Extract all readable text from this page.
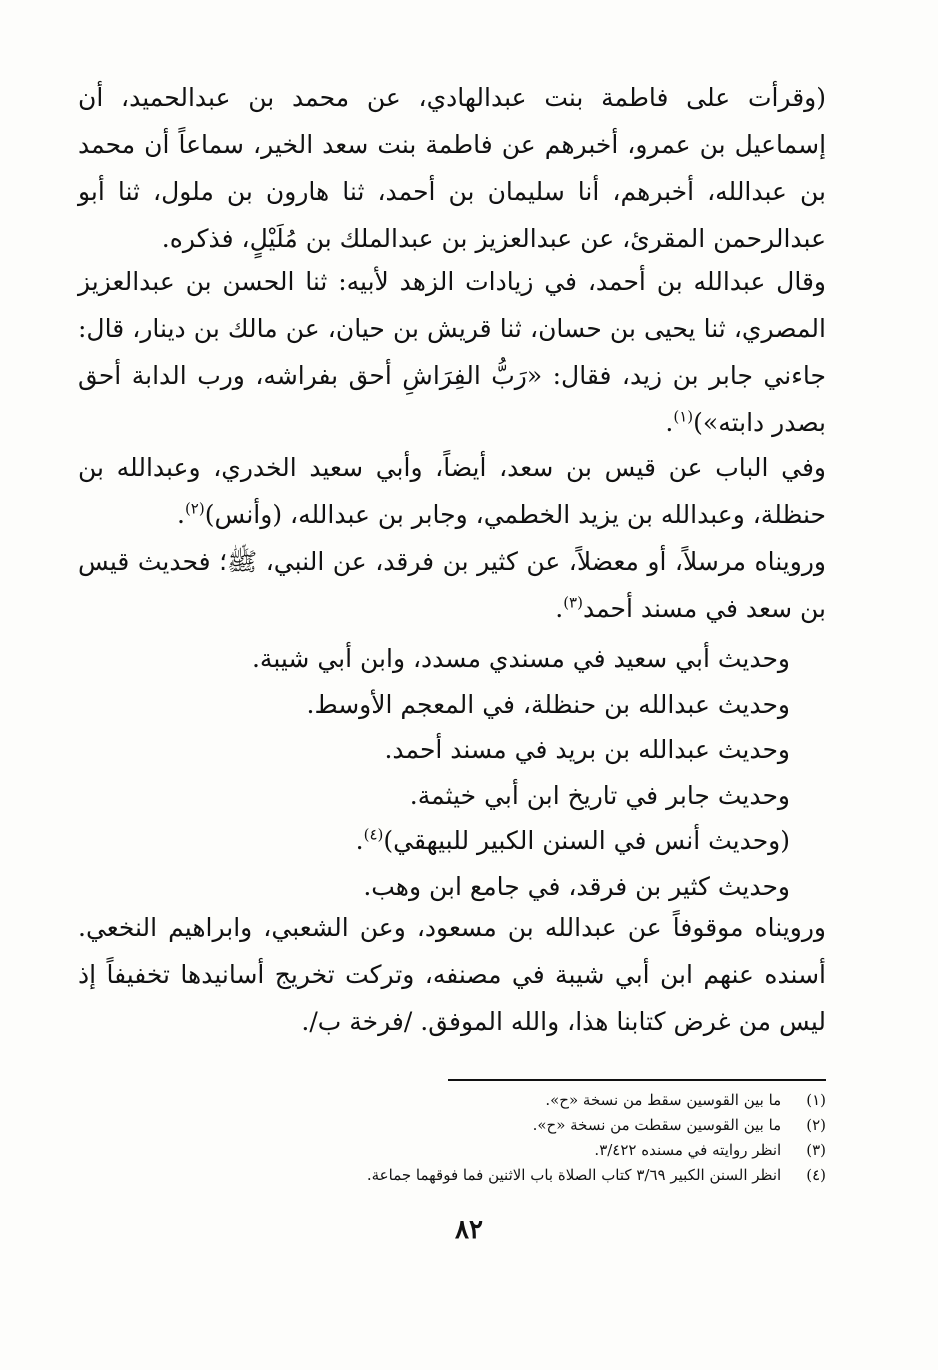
(وقرأت على فاطمة بنت عبدالهادي، عن محمد بن عبدالحميد، أن إسماعيل بن عمرو، أخبرهم عن فاطمة بنت سعد الخير، سماعاً أن محمد بن عبدالله، أخبرهم، أنا سليمان بن أحمد، ثنا هارون بن ملول، ثنا أبو عبدالرحمن المقرئ، عن عبدالعزيز بن عبدالملك بن مُلَيْلٍ، فذكره.

وقال عبدالله بن أحمد، في زيادات الزهد لأبيه: ثنا الحسن بن عبدالعزيز المصري، ثنا يحيى بن حسان، ثنا قريش بن حيان، عن مالك بن دينار، قال: جاءني جابر بن زيد، فقال: «رَبُّ الفِرَاشِ أحق بفراشه، ورب الدابة أحق بصدر دابته»)$^{(١)}$.

وفي الباب عن قيس بن سعد، أيضاً، وأبي سعيد الخدري، وعبدالله بن حنظلة، وعبدالله بن يزيد الخطمي، وجابر بن عبدالله، (وأنس)$^{(٢)}$.

ورويناه مرسلاً، أو معضلاً، عن كثير بن فرقد، عن النبي، ﷺ؛ فحديث قيس بن سعد في مسند أحمد$^{(٣)}$.

وحديث أبي سعيد في مسندي مسدد، وابن أبي شيبة.
وحديث عبدالله بن حنظلة، في المعجم الأوسط.
وحديث عبدالله بن بريد في مسند أحمد.
وحديث جابر في تاريخ ابن أبي خيثمة.
(وحديث أنس في السنن الكبير للبيهقي)$^{(٤)}$.
وحديث كثير بن فرقد، في جامع ابن وهب.

ورويناه موقوفاً عن عبدالله بن مسعود، وعن الشعبي، وابراهيم النخعي. أسنده عنهم ابن أبي شيبة في مصنفه، وتركت تخريج أسانيدها تخفيفاً إذ ليس من غرض كتابنا هذا، والله الموفق. /فرخة ب/.

(١) ما بين القوسين سقط من نسخة «ح».
(٢) ما بين القوسين سقطت من نسخة «ح».
(٣) انظر روايته في مسنده ٣/٤٢٢.
(٤) انظر السنن الكبير ٣/٦٩ كتاب الصلاة باب الاثنين فما فوقهما جماعة.
٨٢
